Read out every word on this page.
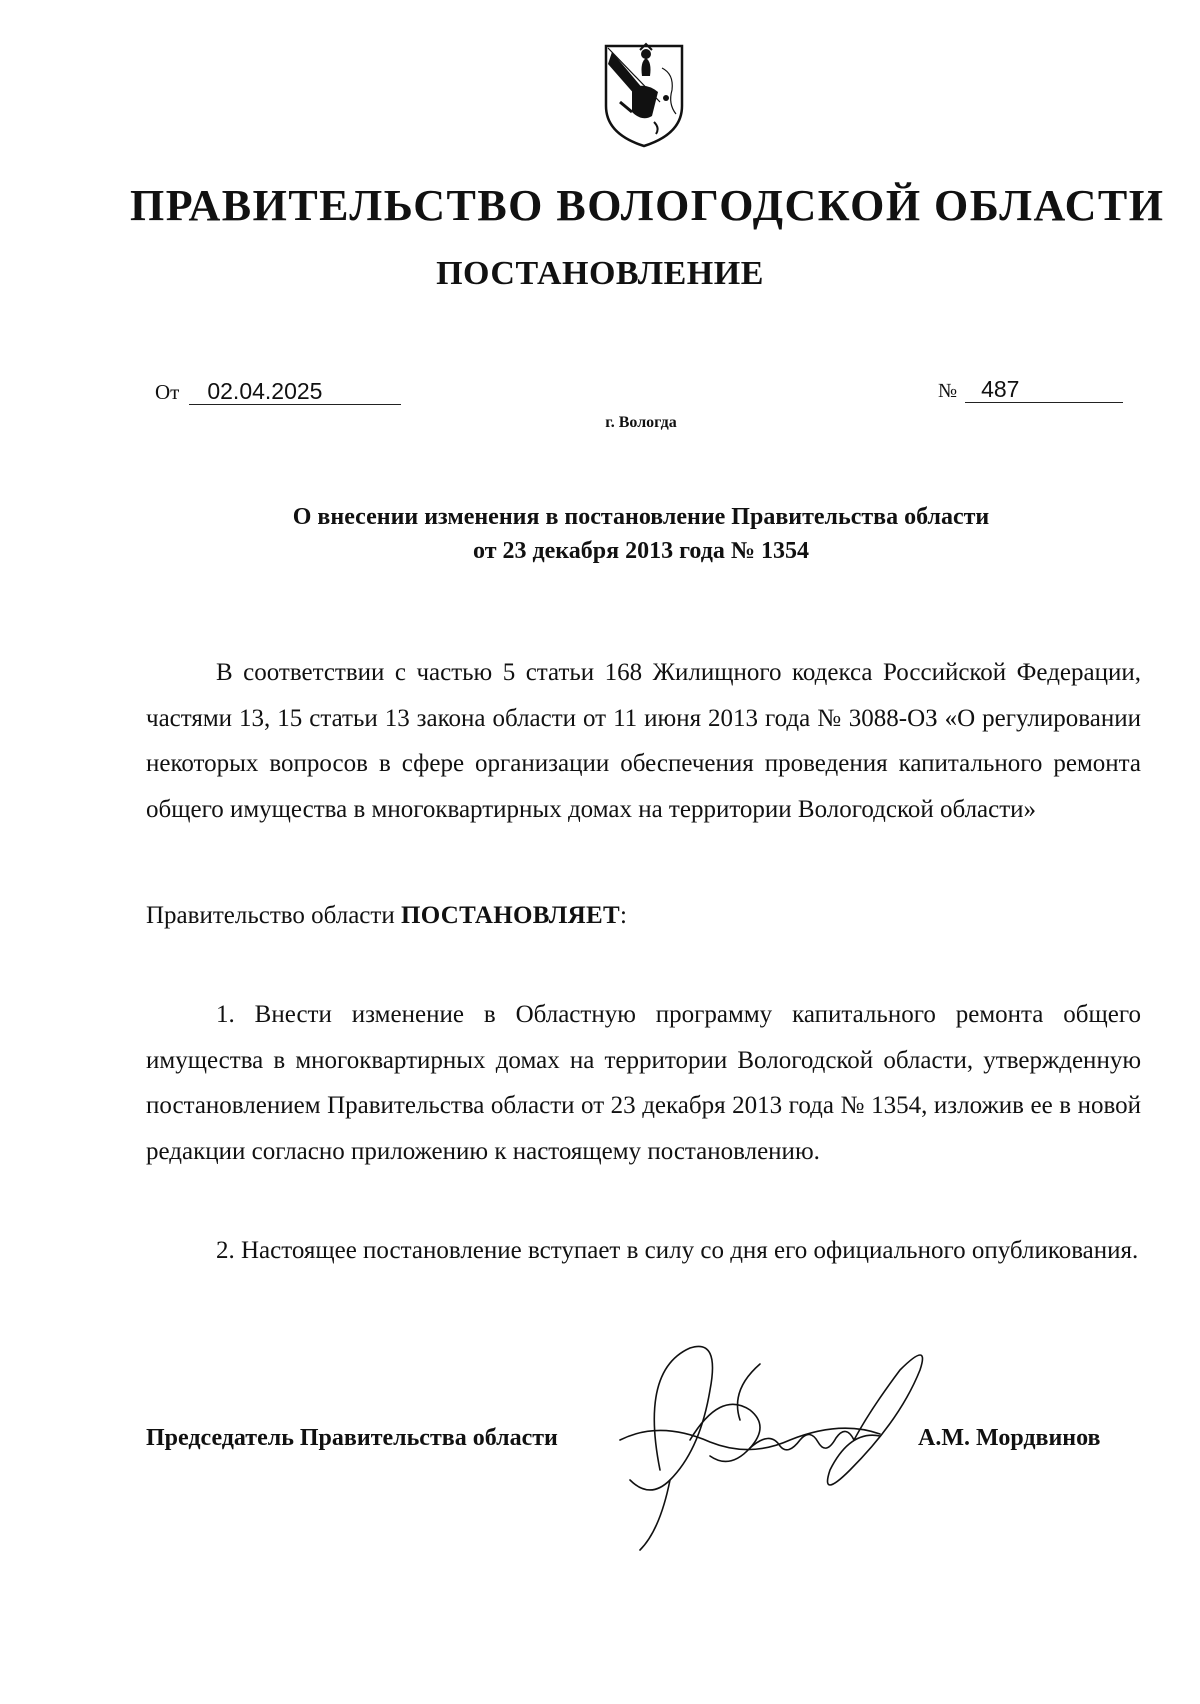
ПРАВИТЕЛЬСТВО ВОЛОГОДСКОЙ ОБЛАСТИ
ПОСТАНОВЛЕНИЕ
От 02.04.2025	№ 487
г. Вологда
О внесении изменения в постановление Правительства области
от 23 декабря 2013 года № 1354
В соответствии с частью 5 статьи 168 Жилищного кодекса Российской Федерации, частями 13, 15 статьи 13 закона области от 11 июня 2013 года № 3088-ОЗ «О регулировании некоторых вопросов в сфере организации обеспечения проведения капитального ремонта общего имущества в многоквартирных домах на территории Вологодской области»
Правительство области ПОСТАНОВЛЯЕТ:
1. Внести изменение в Областную программу капитального ремонта общего имущества в многоквартирных домах на территории Вологодской области, утвержденную постановлением Правительства области от 23 декабря 2013 года № 1354, изложив ее в новой редакции согласно приложению к настоящему постановлению.
2. Настоящее постановление вступает в силу со дня его официального опубликования.
Председатель Правительства области	А.М. Мордвинов
